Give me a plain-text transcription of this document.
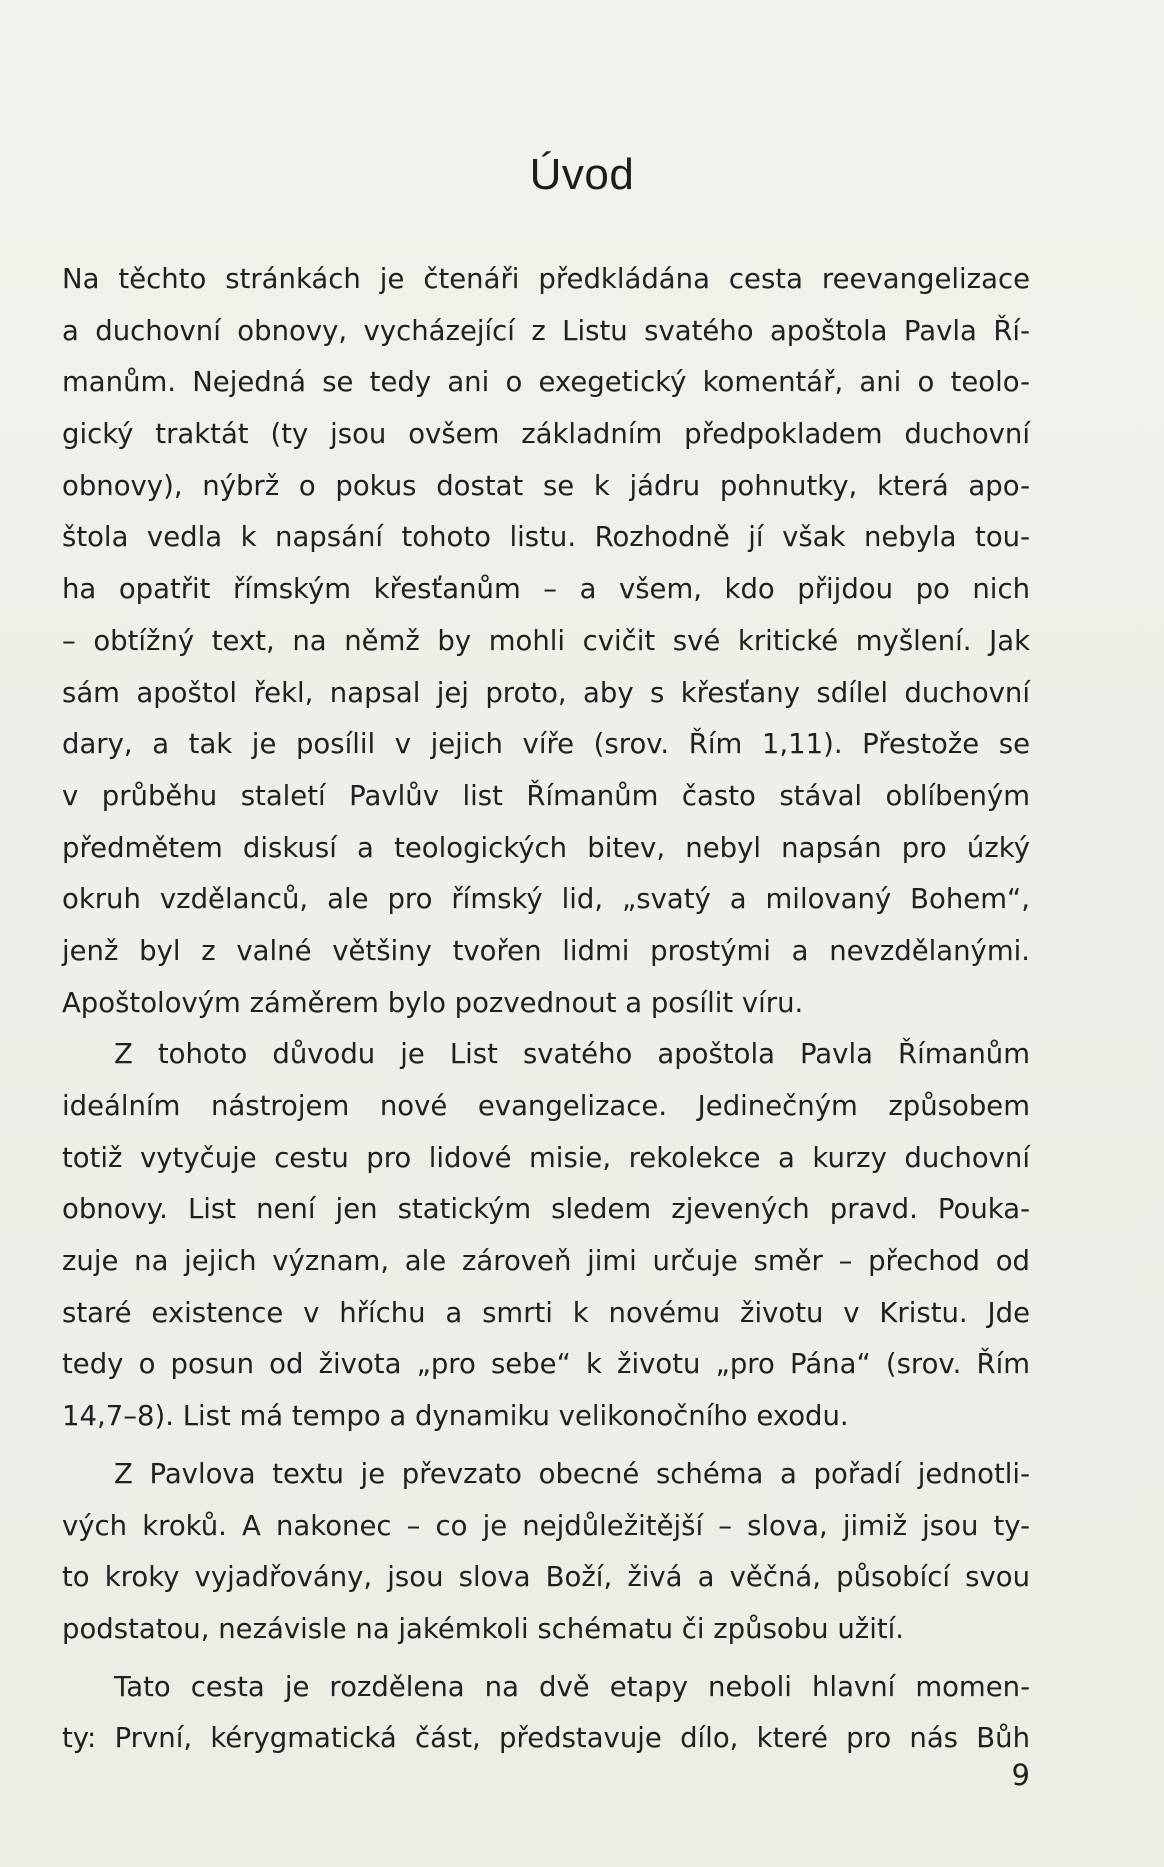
Úvod
Na těchto stránkách je čtenáři předkládána cesta reevangelizace
a duchovní obnovy, vycházející z Listu svatého apoštola Pavla Ří-
manům. Nejedná se tedy ani o exegetický komentář, ani o teolo-
gický traktát (ty jsou ovšem základním předpokladem duchovní
obnovy), nýbrž o pokus dostat se k jádru pohnutky, která apo-
štola vedla k napsání tohoto listu. Rozhodně jí však nebyla tou-
ha opatřit římským křesťanům – a všem, kdo přijdou po nich
– obtížný text, na němž by mohli cvičit své kritické myšlení. Jak
sám apoštol řekl, napsal jej proto, aby s křesťany sdílel duchovní
dary, a tak je posílil v jejich víře (srov. Řím 1,11). Přestože se
v průběhu staletí Pavlův list Římanům často stával oblíbeným
předmětem diskusí a teologických bitev, nebyl napsán pro úzký
okruh vzdělanců, ale pro římský lid, „svatý a milovaný Bohem“,
jenž byl z valné většiny tvořen lidmi prostými a nevzdělanými.
Apoštolovým záměrem bylo pozvednout a posílit víru.
Z tohoto důvodu je List svatého apoštola Pavla Římanům
ideálním nástrojem nové evangelizace. Jedinečným způsobem
totiž vytyčuje cestu pro lidové misie, rekolekce a kurzy duchovní
obnovy. List není jen statickým sledem zjevených pravd. Pouka-
zuje na jejich význam, ale zároveň jimi určuje směr – přechod od
staré existence v hříchu a smrti k novému životu v Kristu. Jde
tedy o posun od života „pro sebe“ k životu „pro Pána“ (srov. Řím
14,7–8). List má tempo a dynamiku velikonočního exodu.
Z Pavlova textu je převzato obecné schéma a pořadí jednotli-
vých kroků. A nakonec – co je nejdůležitější – slova, jimiž jsou ty-
to kroky vyjadřovány, jsou slova Boží, živá a věčná, působící svou
podstatou, nezávisle na jakémkoli schématu či způsobu užití.
Tato cesta je rozdělena na dvě etapy neboli hlavní momen-
ty: První, kérygmatická část, představuje dílo, které pro nás Bůh
9
